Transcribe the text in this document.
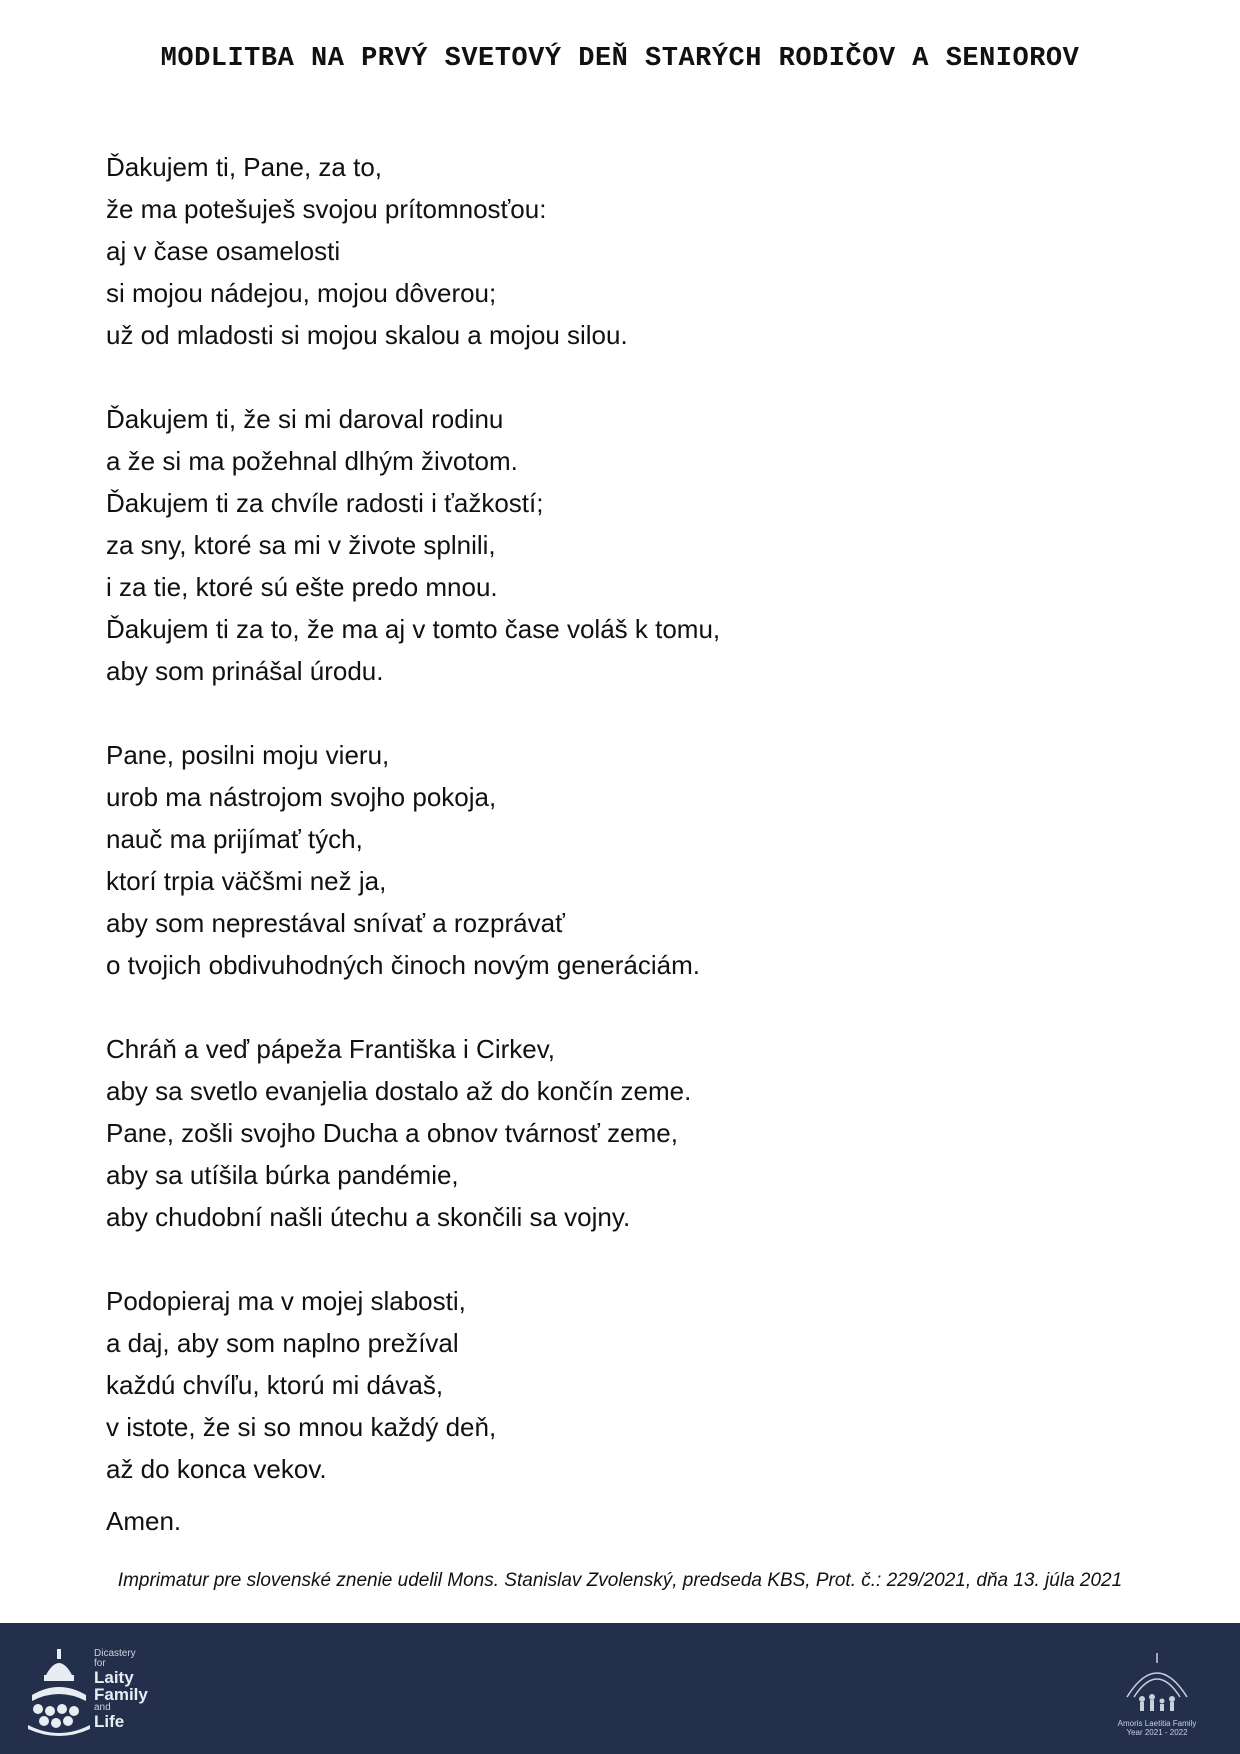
MODLITBA NA PRVÝ SVETOVÝ DEŇ STARÝCH RODIČOV A SENIOROV
Ďakujem ti, Pane, za to,
že ma potešuješ svojou prítomnosťou:
aj v čase osamelosti
si mojou nádejou, mojou dôverou;
už od mladosti si mojou skalou a mojou silou.
Ďakujem ti, že si mi daroval rodinu
a že si ma požehnal dlhým životom.
Ďakujem ti za chvíle radosti i ťažkostí;
za sny, ktoré sa mi v živote splnili,
i za tie, ktoré sú ešte predo mnou.
Ďakujem ti za to, že ma aj v tomto čase voláš k tomu,
aby som prinášal úrodu.
Pane, posilni moju vieru,
urob ma nástrojom svojho pokoja,
nauč ma prijímať tých,
ktorí trpia väčšmi než ja,
aby som neprestával snívať a rozprávať
o tvojich obdivuhodných činoch novým generáciám.
Chráň a veď pápeža Františka i Cirkev,
aby sa svetlo evanjelia dostalo až do končín zeme.
Pane, zošli svojho Ducha a obnov tvárnosť zeme,
aby sa utíšila búrka pandémie,
aby chudobní našli útechu a skončili sa vojny.
Podopieraj ma v mojej slabosti,
a daj, aby som naplno prežíval
každú chvíľu, ktorú mi dávaš,
v istote, že si so mnou každý deň,
až do konca vekov.
Amen.
Imprimatur pre slovenské znenie udelil Mons. Stanislav Zvolenský, predseda KBS, Prot. č.: 229/2021, dňa 13. júla 2021
Dicastery
for
Laity
Family
and
Life	Amoris Laetitia Family
Year 2021 - 2022
